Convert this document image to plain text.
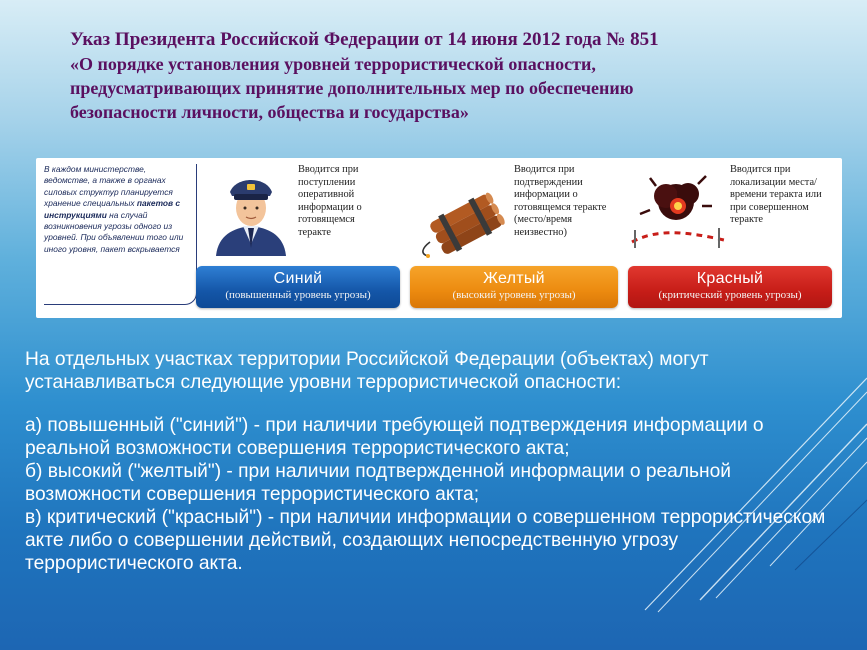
Указ Президента Российской Федерации от 14 июня 2012 года № 851
«О порядке установления уровней террористической опасности,
предусматривающих принятие дополнительных мер по обеспечению
безопасности личности, общества и государства»
В каждом министерстве, ведомстве, а также в органах силовых структур планируется хранение специальных пакетов с инструкциями на случай возникновения угрозы одного из уровней. При объявлении того или иного уровня, пакет вскрывается
Вводится при поступлении оперативной информации о готовящемся теракте
Синий
(повышенный уровень угрозы)
Вводится при подтверждении информации о готовящемся теракте (место/время неизвестно)
Желтый
(высокий уровень угрозы)
Вводится при локализации места/времени теракта или при совершенном теракте
Красный
(критический уровень угрозы)

На отдельных участках территории Российской Федерации (объектах) могут устанавливаться следующие уровни террористической опасности:

а) повышенный ("синий") - при наличии требующей подтверждения информации о реальной возможности совершения террористического акта;

б) высокий ("желтый") - при наличии подтвержденной информации о реальной возможности совершения террористического акта;

в) критический ("красный") - при наличии информации о совершенном террористическом акте либо о совершении действий, создающих непосредственную угрозу террористического акта.
